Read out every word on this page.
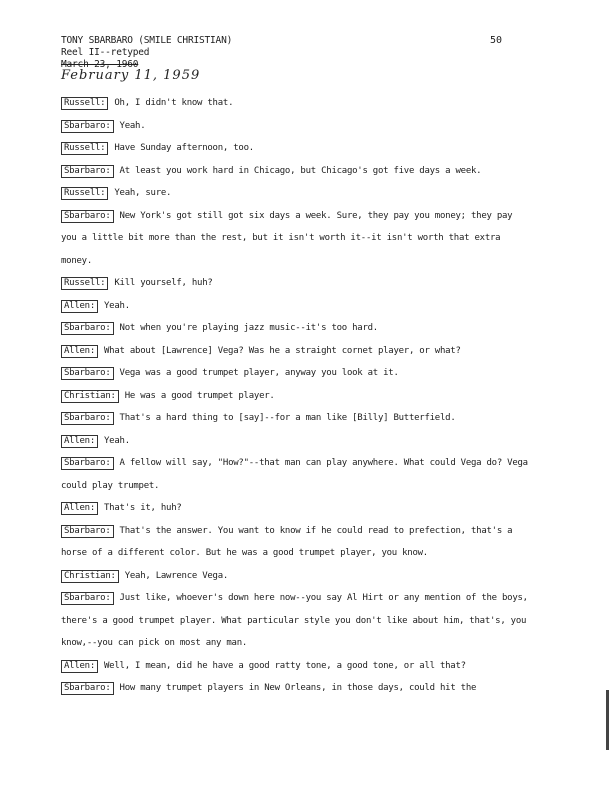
TONY SBARBARO (SMILE CHRISTIAN)
Reel II--retyped
March 23, 1960
February 11, 1959
50
Russell: Oh, I didn't know that.
Sbarbaro: Yeah.
Russell: Have Sunday afternoon, too.
Sbarbaro: At least you work hard in Chicago, but Chicago's got five days a week.
Russell: Yeah, sure.
Sbarbaro: New York's got still got six days a week. Sure, they pay you money; they pay you a little bit more than the rest, but it isn't worth it--it isn't worth that extra money.
Russell: Kill yourself, huh?
Allen: Yeah.
Sbarbaro: Not when you're playing jazz music--it's too hard.
Allen: What about [Lawrence] Vega? Was he a straight cornet player, or what?
Sbarbaro: Vega was a good trumpet player, anyway you look at it.
Christian: He was a good trumpet player.
Sbarbaro: That's a hard thing to [say]--for a man like [Billy] Butterfield.
Allen: Yeah.
Sbarbaro: A fellow will say, "How?"--that man can play anywhere. What could Vega do? Vega could play trumpet.
Allen: That's it, huh?
Sbarbaro: That's the answer. You want to know if he could read to prefection, that's a horse of a different color. But he was a good trumpet player, you know.
Christian: Yeah, Lawrence Vega.
Sbarbaro: Just like, whoever's down here now--you say Al Hirt or any mention of the boys, there's a good trumpet player. What particular style you don't like about him, that's, you know,--you can pick on most any man.
Allen: Well, I mean, did he have a good ratty tone, a good tone, or all that?
Sbarbaro: How many trumpet players in New Orleans, in those days, could hit the
